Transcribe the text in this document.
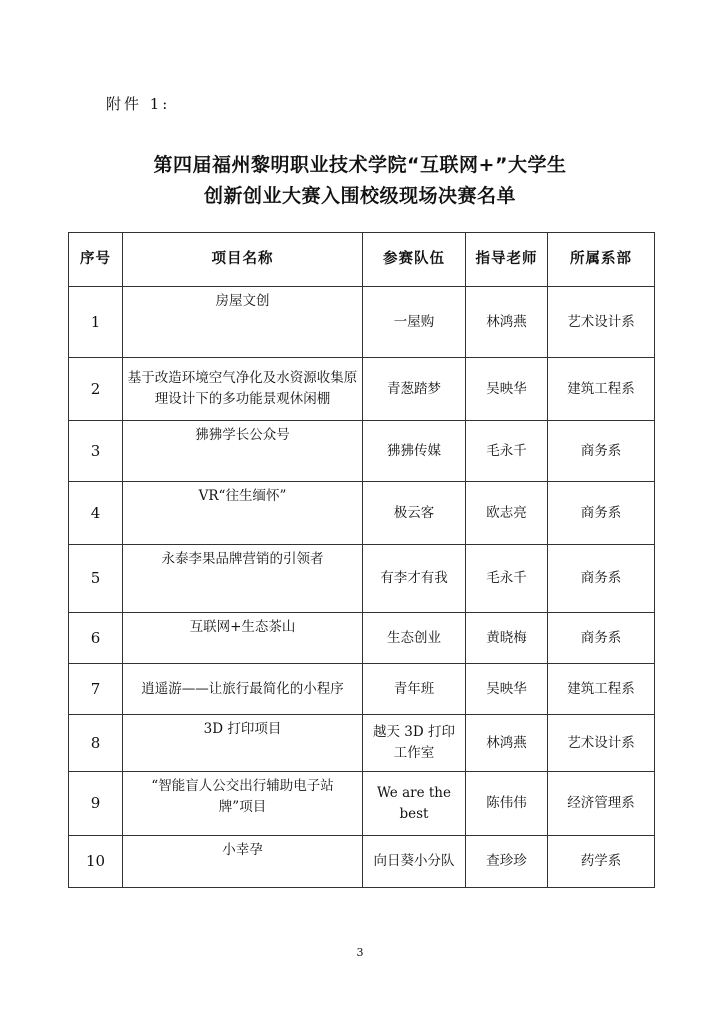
附件 1:
第四届福州黎明职业技术学院“互联网+”大学生
创新创业大赛入围校级现场决赛名单
序号	项目名称	参赛队伍	指导老师	所属系部
1	房屋文创	一屋购	林鸿燕	艺术设计系
2	基于改造环境空气净化及水资源收集原理设计下的多功能景观休闲棚	青葱踏梦	吴映华	建筑工程系
3	狒狒学长公众号	狒狒传媒	毛永千	商务系
4	VR“往生缅怀”	极云客	欧志亮	商务系
5	永泰李果品牌营销的引领者	有李才有我	毛永千	商务系
6	互联网+生态茶山	生态创业	黄晓梅	商务系
7	逍遥游——让旅行最简化的小程序	青年班	吴映华	建筑工程系
8	3D 打印项目	越天 3D 打印工作室	林鸿燕	艺术设计系
9	“智能盲人公交出行辅助电子站牌”项目	We are the best	陈伟伟	经济管理系
10	小幸孕	向日葵小分队	查珍珍	药学系
3
